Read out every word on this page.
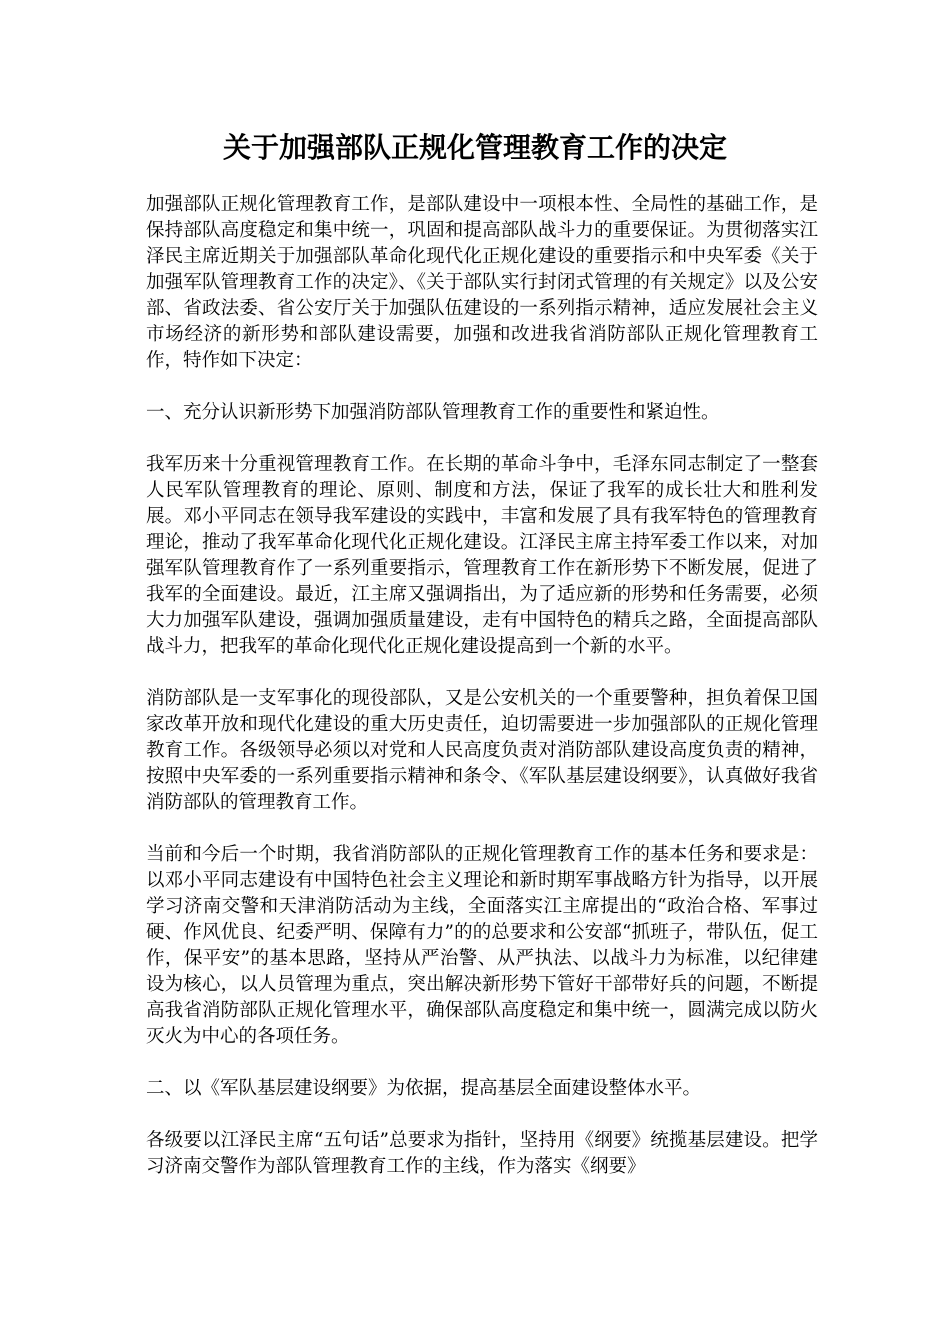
关于加强部队正规化管理教育工作的决定

加强部队正规化管理教育工作，是部队建设中一项根本性、全局性的基础工作，是保持部队高度稳定和集中统一，巩固和提高部队战斗力的重要保证。为贯彻落实江泽民主席近期关于加强部队革命化现代化正规化建设的重要指示和中央军委《关于加强军队管理教育工作的决定》、《关于部队实行封闭式管理的有关规定》以及公安部、省政法委、省公安厅关于加强队伍建设的一系列指示精神，适应发展社会主义市场经济的新形势和部队建设需要，加强和改进我省消防部队正规化管理教育工作，特作如下决定：

一、充分认识新形势下加强消防部队管理教育工作的重要性和紧迫性。

我军历来十分重视管理教育工作。在长期的革命斗争中，毛泽东同志制定了一整套人民军队管理教育的理论、原则、制度和方法，保证了我军的成长壮大和胜利发展。邓小平同志在领导我军建设的实践中，丰富和发展了具有我军特色的管理教育理论，推动了我军革命化现代化正规化建设。江泽民主席主持军委工作以来，对加强军队管理教育作了一系列重要指示，管理教育工作在新形势下不断发展，促进了我军的全面建设。最近，江主席又强调指出，为了适应新的形势和任务需要，必须大力加强军队建设，强调加强质量建设，走有中国特色的精兵之路，全面提高部队战斗力，把我军的革命化现代化正规化建设提高到一个新的水平。

消防部队是一支军事化的现役部队，又是公安机关的一个重要警种，担负着保卫国家改革开放和现代化建设的重大历史责任，迫切需要进一步加强部队的正规化管理教育工作。各级领导必须以对党和人民高度负责对消防部队建设高度负责的精神，按照中央军委的一系列重要指示精神和条令、《军队基层建设纲要》，认真做好我省消防部队的管理教育工作。

当前和今后一个时期，我省消防部队的正规化管理教育工作的基本任务和要求是：以邓小平同志建设有中国特色社会主义理论和新时期军事战略方针为指导，以开展学习济南交警和天津消防活动为主线，全面落实江主席提出的“政治合格、军事过硬、作风优良、纪委严明、保障有力”的的总要求和公安部“抓班子，带队伍，促工作，保平安”的基本思路，坚持从严治警、从严执法、以战斗力为标准，以纪律建设为核心，以人员管理为重点，突出解决新形势下管好干部带好兵的问题，不断提高我省消防部队正规化管理水平，确保部队高度稳定和集中统一，圆满完成以防火灭火为中心的各项任务。

二、以《军队基层建设纲要》为依据，提高基层全面建设整体水平。

各级要以江泽民主席“五句话”总要求为指针，坚持用《纲要》统揽基层建设。把学习济南交警作为部队管理教育工作的主线，作为落实《纲要》
